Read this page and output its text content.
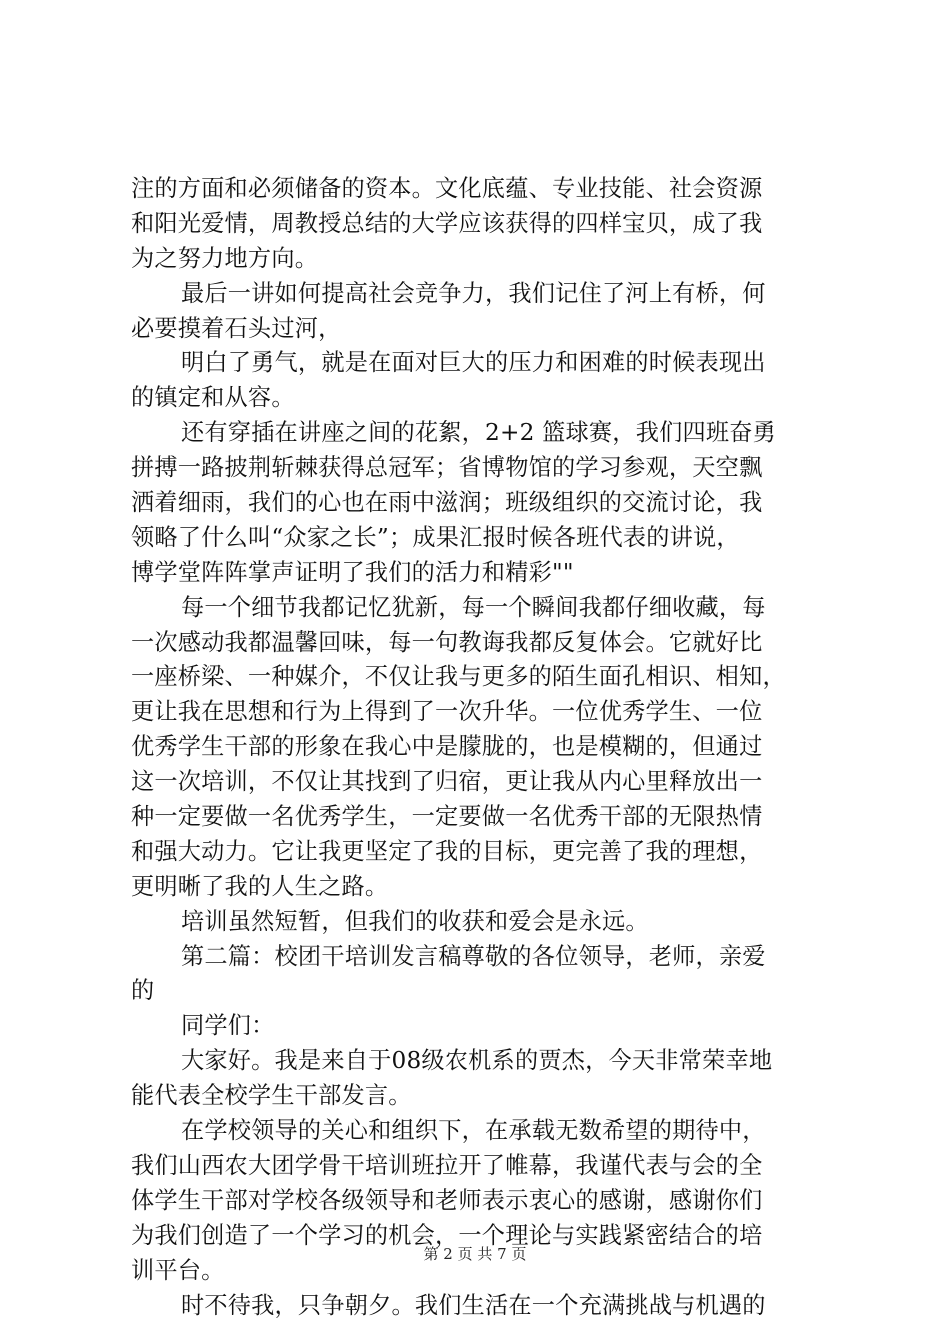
注的方面和必须储备的资本。文化底蕴、专业技能、社会资源
和阳光爱情，周教授总结的大学应该获得的四样宝贝，成了我
为之努力地方向。
最后一讲如何提高社会竞争力，我们记住了河上有桥，何
必要摸着石头过河，
明白了勇气，就是在面对巨大的压力和困难的时候表现出
的镇定和从容。
还有穿插在讲座之间的花絮，2+2 篮球赛，我们四班奋勇
拼搏一路披荆斩棘获得总冠军；省博物馆的学习参观，天空飘
洒着细雨，我们的心也在雨中滋润；班级组织的交流讨论，我
领略了什么叫“众家之长”；成果汇报时候各班代表的讲说，
博学堂阵阵掌声证明了我们的活力和精彩""
每一个细节我都记忆犹新，每一个瞬间我都仔细收藏，每
一次感动我都温馨回味，每一句教诲我都反复体会。它就好比
一座桥梁、一种媒介，不仅让我与更多的陌生面孔相识、相知，
更让我在思想和行为上得到了一次升华。一位优秀学生、一位
优秀学生干部的形象在我心中是朦胧的，也是模糊的，但通过
这一次培训，不仅让其找到了归宿，更让我从内心里释放出一
种一定要做一名优秀学生，一定要做一名优秀干部的无限热情
和强大动力。它让我更坚定了我的目标，更完善了我的理想，
更明晰了我的人生之路。
培训虽然短暂，但我们的收获和爱会是永远。
第二篇：校团干培训发言稿尊敬的各位领导，老师，亲爱
的
同学们：
大家好。我是来自于08级农机系的贾杰，今天非常荣幸地
能代表全校学生干部发言。
在学校领导的关心和组织下，在承载无数希望的期待中，
我们山西农大团学骨干培训班拉开了帷幕，我谨代表与会的全
体学生干部对学校各级领导和老师表示衷心的感谢，感谢你们
为我们创造了一个学习的机会，一个理论与实践紧密结合的培
训平台。
时不待我，只争朝夕。我们生活在一个充满挑战与机遇的
第 2 页 共 7 页
